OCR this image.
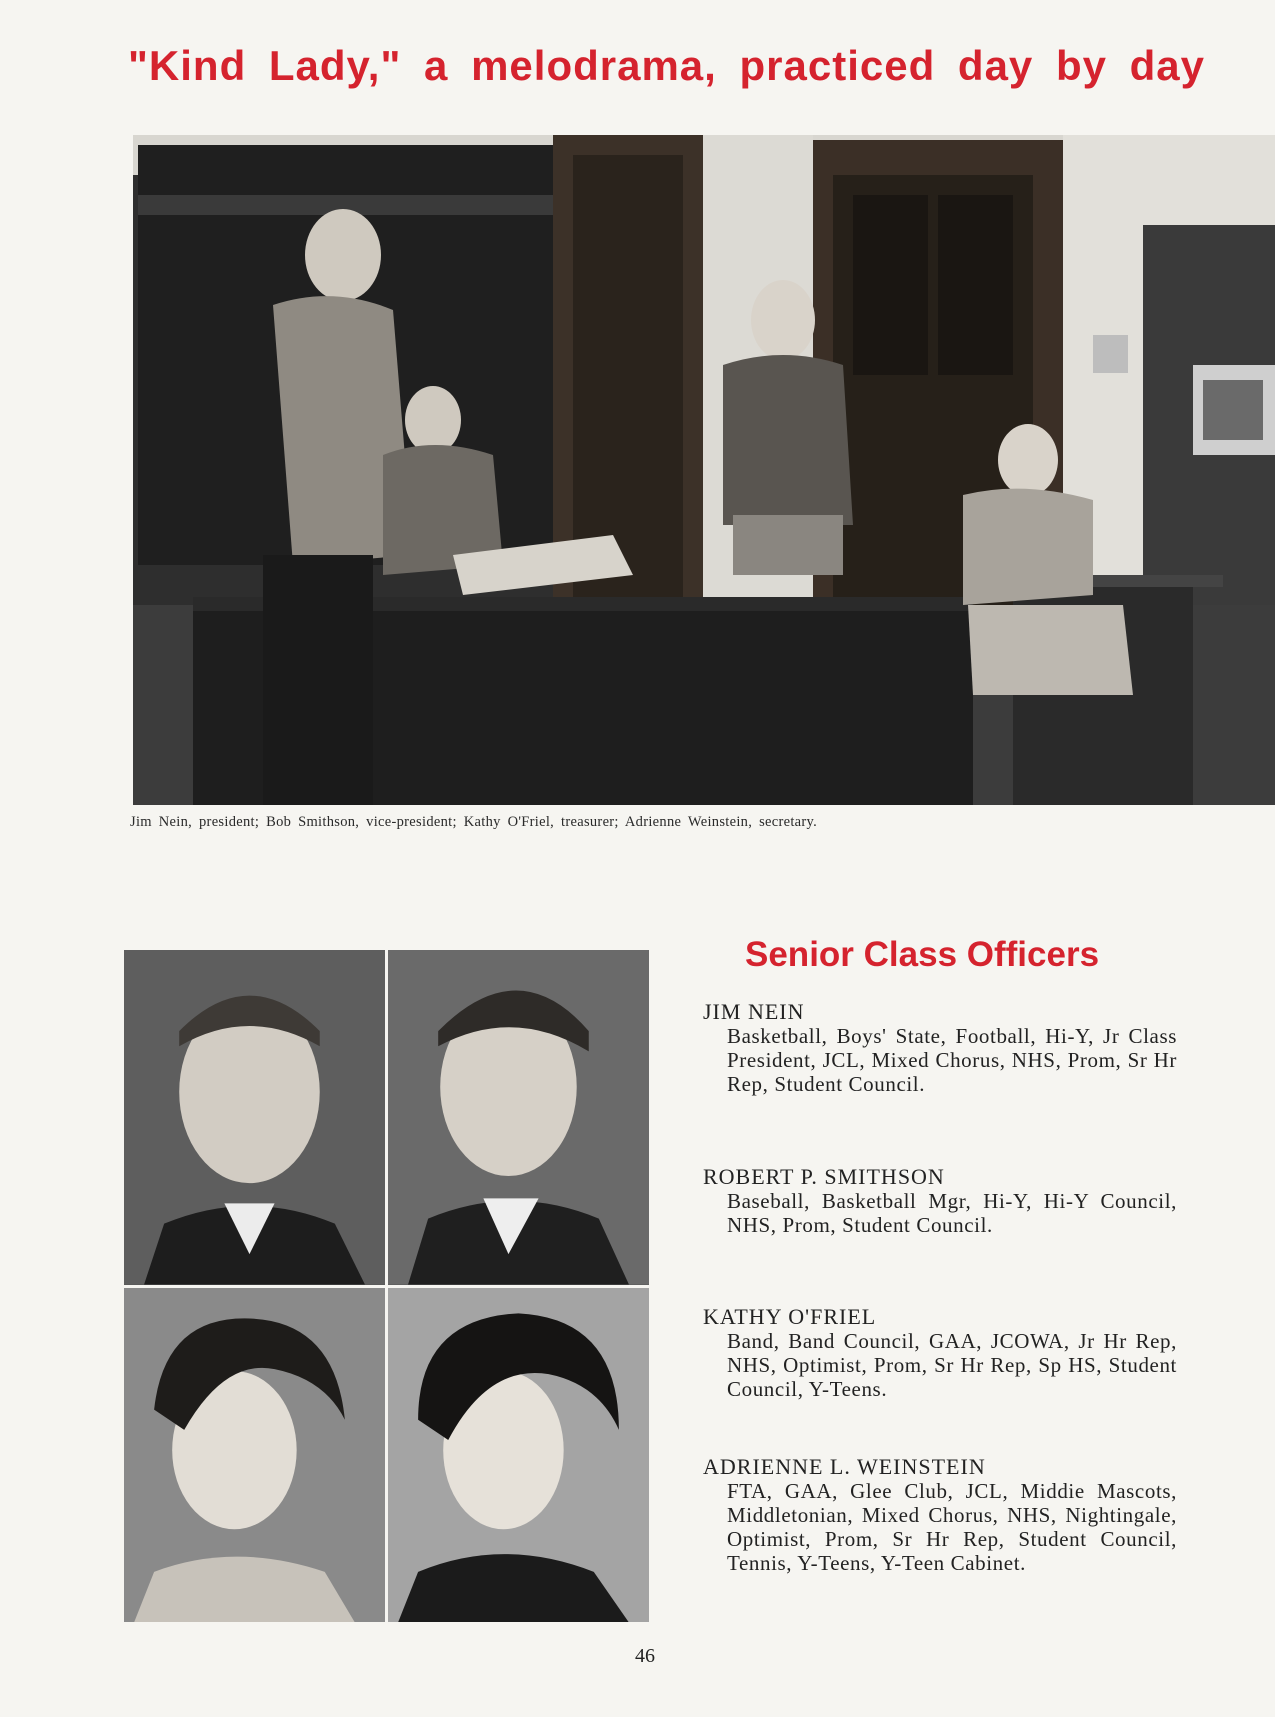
"Kind Lady," a melodrama, practiced day by day
Jim Nein, president; Bob Smithson, vice-president; Kathy O'Friel, treasurer; Adrienne Weinstein, secretary.
Senior Class Officers
JIM NEIN
Basketball, Boys' State, Football, Hi-Y, Jr Class President, JCL, Mixed Chorus, NHS, Prom, Sr Hr Rep, Student Council.
ROBERT P. SMITHSON
Baseball, Basketball Mgr, Hi-Y, Hi-Y Council, NHS, Prom, Student Council.
KATHY O'FRIEL
Band, Band Council, GAA, JCOWA, Jr Hr Rep, NHS, Optimist, Prom, Sr Hr Rep, Sp HS, Student Council, Y-Teens.
ADRIENNE L. WEINSTEIN
FTA, GAA, Glee Club, JCL, Middie Mascots, Middletonian, Mixed Chorus, NHS, Nightingale, Optimist, Prom, Sr Hr Rep, Student Council, Tennis, Y-Teens, Y-Teen Cabinet.
46
